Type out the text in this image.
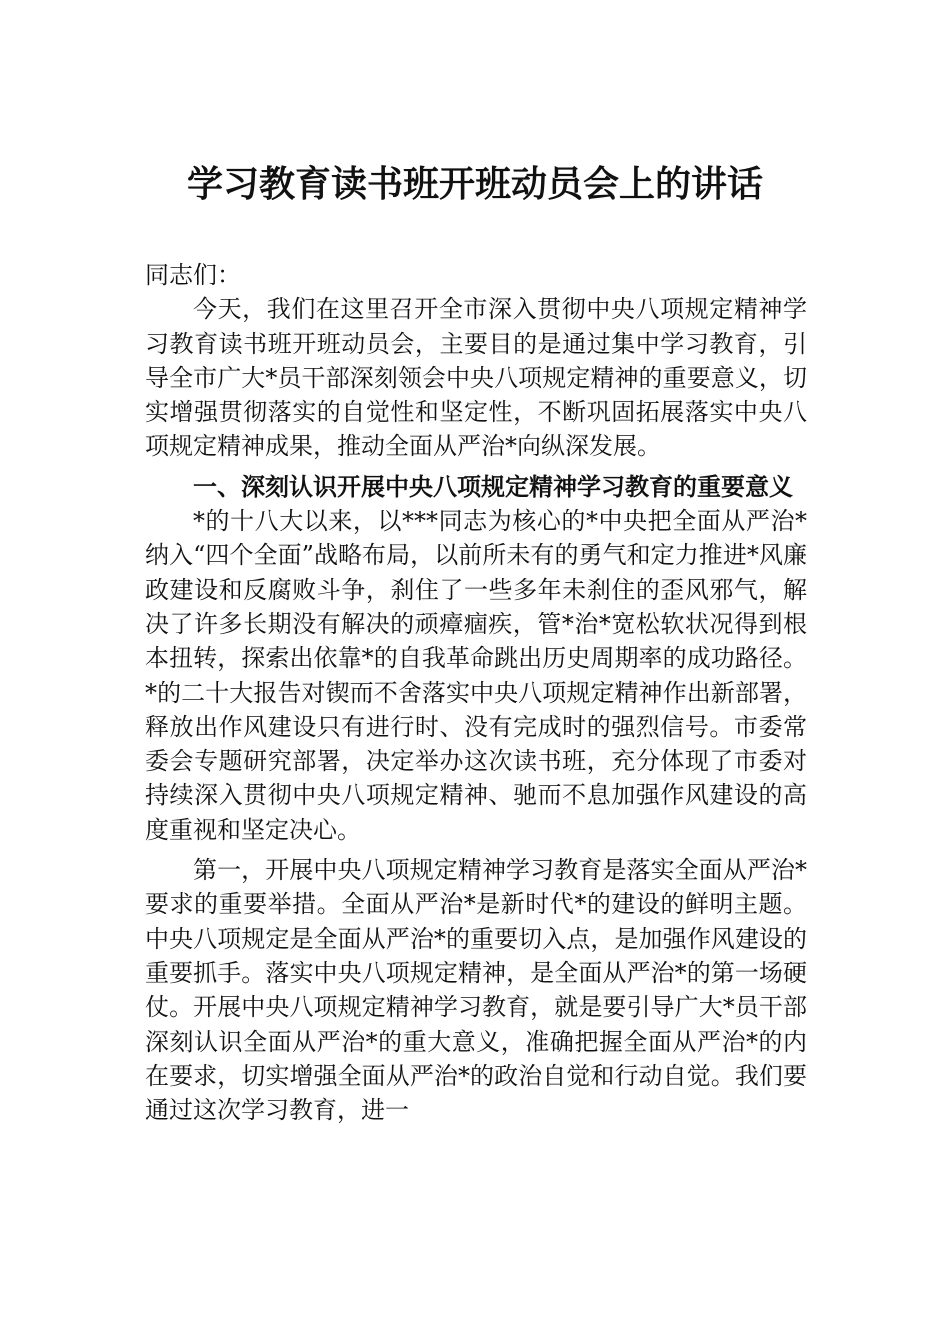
学习教育读书班开班动员会上的讲话

同志们：

今天，我们在这里召开全市深入贯彻中央八项规定精神学习教育读书班开班动员会，主要目的是通过集中学习教育，引导全市广大*员干部深刻领会中央八项规定精神的重要意义，切实增强贯彻落实的自觉性和坚定性，不断巩固拓展落实中央八项规定精神成果，推动全面从严治*向纵深发展。

一、深刻认识开展中央八项规定精神学习教育的重要意义

*的十八大以来，以***同志为核心的*中央把全面从严治*纳入“四个全面”战略布局，以前所未有的勇气和定力推进*风廉政建设和反腐败斗争，刹住了一些多年未刹住的歪风邪气，解决了许多长期没有解决的顽瘴痼疾，管*治*宽松软状况得到根本扭转，探索出依靠*的自我革命跳出历史周期率的成功路径。*的二十大报告对锲而不舍落实中央八项规定精神作出新部署，释放出作风建设只有进行时、没有完成时的强烈信号。市委常委会专题研究部署，决定举办这次读书班，充分体现了市委对持续深入贯彻中央八项规定精神、驰而不息加强作风建设的高度重视和坚定决心。

第一，开展中央八项规定精神学习教育是落实全面从严治*要求的重要举措。全面从严治*是新时代*的建设的鲜明主题。中央八项规定是全面从严治*的重要切入点，是加强作风建设的重要抓手。落实中央八项规定精神，是全面从严治*的第一场硬仗。开展中央八项规定精神学习教育，就是要引导广大*员干部深刻认识全面从严治*的重大意义，准确把握全面从严治*的内在要求，切实增强全面从严治*的政治自觉和行动自觉。我们要通过这次学习教育，进一
